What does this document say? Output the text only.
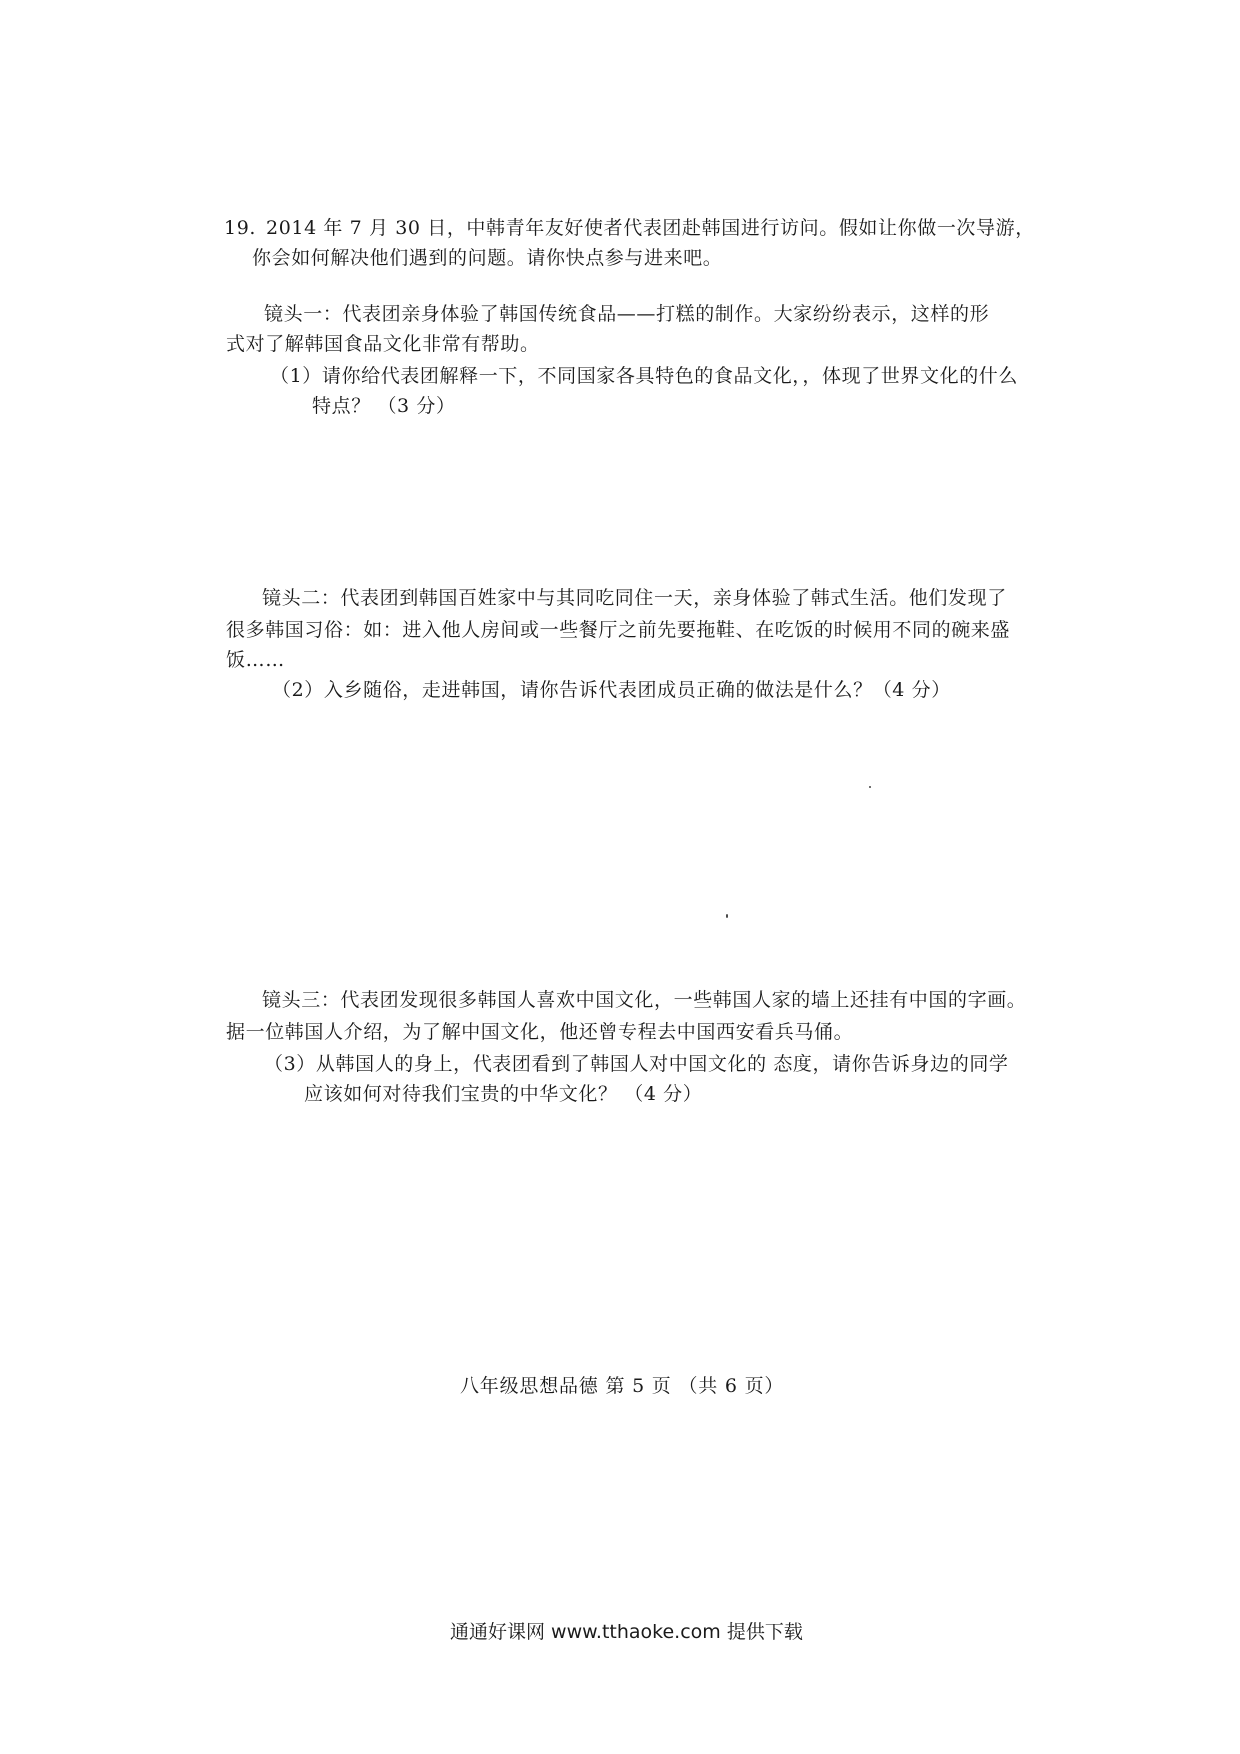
19. 2014 年 7 月 30 日，中韩青年友好使者代表团赴韩国进行访问。假如让你做一次导游，
你会如何解决他们遇到的问题。请你快点参与进来吧。
镜头一：代表团亲身体验了韩国传统食品——打糕的制作。大家纷纷表示，这样的形
式对了解韩国食品文化非常有帮助。
（1）请你给代表团解释一下，不同国家各具特色的食品文化，，体现了世界文化的什么
特点？ （3 分）
镜头二：代表团到韩国百姓家中与其同吃同住一天，亲身体验了韩式生活。他们发现了
很多韩国习俗：如：进入他人房间或一些餐厅之前先要拖鞋、在吃饭的时候用不同的碗来盛
饭……
（2）入乡随俗，走进韩国，请你告诉代表团成员正确的做法是什么？（4 分）
镜头三：代表团发现很多韩国人喜欢中国文化，一些韩国人家的墙上还挂有中国的字画。
据一位韩国人介绍，为了解中国文化，他还曾专程去中国西安看兵马俑。
（3）从韩国人的身上，代表团看到了韩国人对中国文化的 态度，请你告诉身边的同学
应该如何对待我们宝贵的中华文化？ （4 分）
八年级思想品德 第 5 页 （共 6 页）
通通好课网 www.tthaoke.com 提供下载
